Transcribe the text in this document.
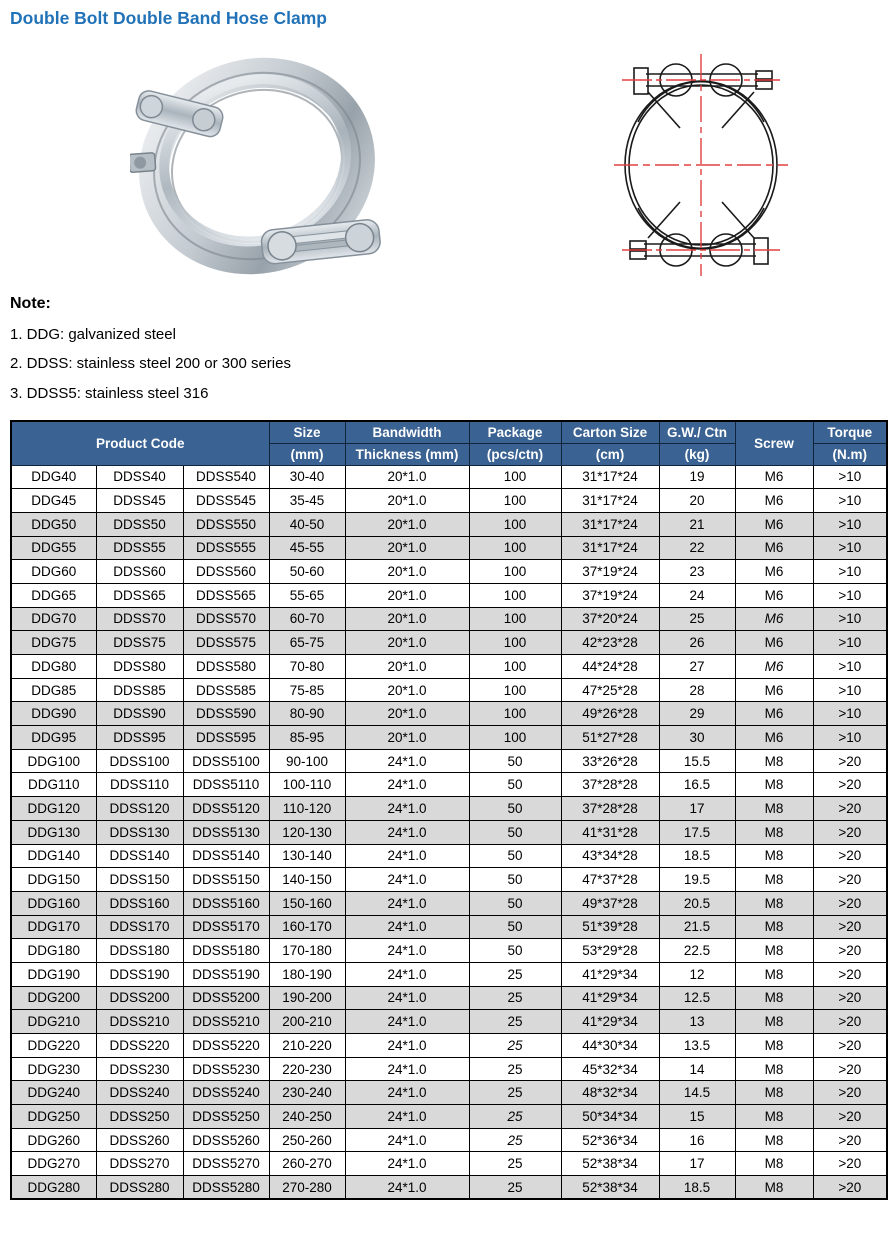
Double Bolt Double Band Hose Clamp
Note:
1. DDG: galvanized steel
2. DDSS: stainless steel 200 or 300 series
3. DDSS5: stainless steel 316
Product Code			Size	Bandwidth	Package	Carton Size	G.W./ Ctn	Screw	Torque
			(mm)	Thickness (mm)	(pcs/ctn)	(cm)	(kg)		(N.m)
DDG40	DDSS40	DDSS540	30-40	20*1.0	100	31*17*24	19	M6	>10
DDG45	DDSS45	DDSS545	35-45	20*1.0	100	31*17*24	20	M6	>10
DDG50	DDSS50	DDSS550	40-50	20*1.0	100	31*17*24	21	M6	>10
DDG55	DDSS55	DDSS555	45-55	20*1.0	100	31*17*24	22	M6	>10
DDG60	DDSS60	DDSS560	50-60	20*1.0	100	37*19*24	23	M6	>10
DDG65	DDSS65	DDSS565	55-65	20*1.0	100	37*19*24	24	M6	>10
DDG70	DDSS70	DDSS570	60-70	20*1.0	100	37*20*24	25	M6	>10
DDG75	DDSS75	DDSS575	65-75	20*1.0	100	42*23*28	26	M6	>10
DDG80	DDSS80	DDSS580	70-80	20*1.0	100	44*24*28	27	M6	>10
DDG85	DDSS85	DDSS585	75-85	20*1.0	100	47*25*28	28	M6	>10
DDG90	DDSS90	DDSS590	80-90	20*1.0	100	49*26*28	29	M6	>10
DDG95	DDSS95	DDSS595	85-95	20*1.0	100	51*27*28	30	M6	>10
DDG100	DDSS100	DDSS5100	90-100	24*1.0	50	33*26*28	15.5	M8	>20
DDG110	DDSS110	DDSS5110	100-110	24*1.0	50	37*28*28	16.5	M8	>20
DDG120	DDSS120	DDSS5120	110-120	24*1.0	50	37*28*28	17	M8	>20
DDG130	DDSS130	DDSS5130	120-130	24*1.0	50	41*31*28	17.5	M8	>20
DDG140	DDSS140	DDSS5140	130-140	24*1.0	50	43*34*28	18.5	M8	>20
DDG150	DDSS150	DDSS5150	140-150	24*1.0	50	47*37*28	19.5	M8	>20
DDG160	DDSS160	DDSS5160	150-160	24*1.0	50	49*37*28	20.5	M8	>20
DDG170	DDSS170	DDSS5170	160-170	24*1.0	50	51*39*28	21.5	M8	>20
DDG180	DDSS180	DDSS5180	170-180	24*1.0	50	53*29*28	22.5	M8	>20
DDG190	DDSS190	DDSS5190	180-190	24*1.0	25	41*29*34	12	M8	>20
DDG200	DDSS200	DDSS5200	190-200	24*1.0	25	41*29*34	12.5	M8	>20
DDG210	DDSS210	DDSS5210	200-210	24*1.0	25	41*29*34	13	M8	>20
DDG220	DDSS220	DDSS5220	210-220	24*1.0	25	44*30*34	13.5	M8	>20
DDG230	DDSS230	DDSS5230	220-230	24*1.0	25	45*32*34	14	M8	>20
DDG240	DDSS240	DDSS5240	230-240	24*1.0	25	48*32*34	14.5	M8	>20
DDG250	DDSS250	DDSS5250	240-250	24*1.0	25	50*34*34	15	M8	>20
DDG260	DDSS260	DDSS5260	250-260	24*1.0	25	52*36*34	16	M8	>20
DDG270	DDSS270	DDSS5270	260-270	24*1.0	25	52*38*34	17	M8	>20
DDG280	DDSS280	DDSS5280	270-280	24*1.0	25	52*38*34	18.5	M8	>20
